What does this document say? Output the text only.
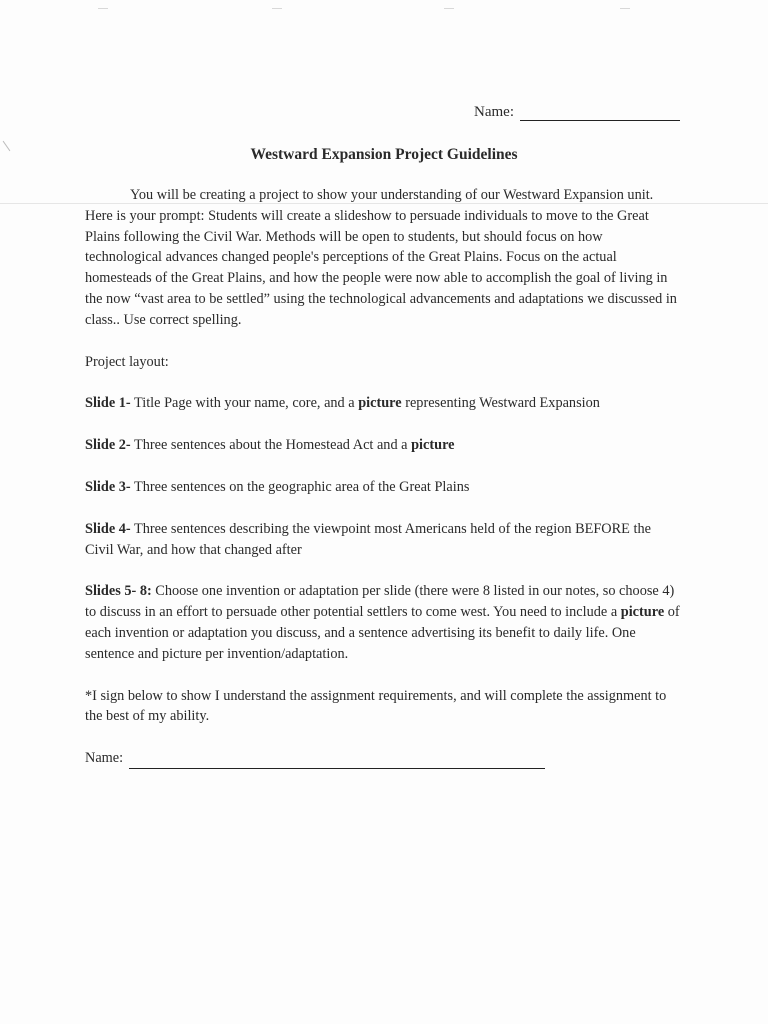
Name:
Westward Expansion Project Guidelines

You will be creating a project to show your understanding of our Westward Expansion unit. Here is your prompt: Students will create a slideshow to persuade individuals to move to the Great Plains following the Civil War. Methods will be open to students, but should focus on how technological advances changed people's perceptions of the Great Plains. Focus on the actual homesteads of the Great Plains, and how the people were now able to accomplish the goal of living in the now “vast area to be settled” using the technological advancements and adaptations we discussed in class.. Use correct spelling.

Project layout:

Slide 1- Title Page with your name, core, and a picture representing Westward Expansion

Slide 2- Three sentences about the Homestead Act and a picture

Slide 3- Three sentences on the geographic area of the Great Plains

Slide 4- Three sentences describing the viewpoint most Americans held of the region BEFORE the Civil War, and how that changed after

Slides 5- 8: Choose one invention or adaptation per slide (there were 8 listed in our notes, so choose 4) to discuss in an effort to persuade other potential settlers to come west. You need to include a picture of each invention or adaptation you discuss, and a sentence advertising its benefit to daily life. One sentence and picture per invention/adaptation.

*I sign below to show I understand the assignment requirements, and will complete the assignment to the best of my ability.

Name:
